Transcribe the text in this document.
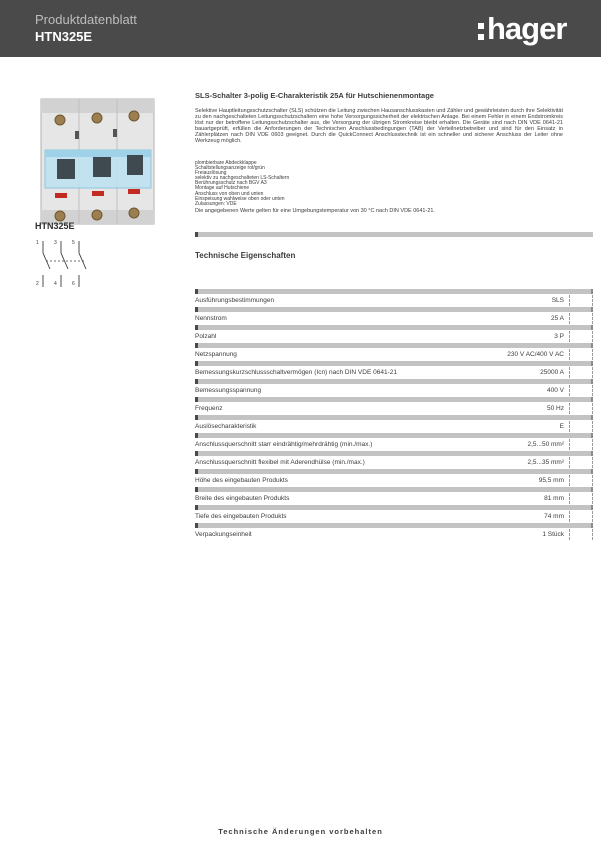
Produktdatenblatt
HTN325E	hager
HTN325E
1	3	5
2	4	6
SLS-Schalter 3-polig E-Charakteristik 25A für Hutschienenmontage
Selektive Hauptleitungsschutzschalter (SLS) schützen die Leitung zwischen Hausanschlusskasten und Zähler und gewährleisten durch ihre Selektivität zu den nachgeschalteten Leitungsschutzschaltern eine hohe Versorgungssicherheit der elektrischen Anlage. Bei einem Fehler in einem Endstromkreis löst nur der betroffene Leitungsschutzschalter aus, die Versorgung der übrigen Stromkreise bleibt erhalten. Die Geräte sind nach DIN VDE 0641-21 bauartgeprüft, erfüllen die Anforderungen der Technischen Anschlussbedingungen (TAB) der Verteilnetzbetreiber und sind für den Einsatz in Zählerplätzen nach DIN VDE 0603 geeignet. Durch die QuickConnect Anschlusstechnik ist ein schneller und sicherer Anschluss der Leiter ohne Werkzeug möglich.
plombierbare Abdeckklappe
Schaltstellungsanzeige rot/grün
Freiauslösung
selektiv zu nachgeschalteten LS-Schaltern
Berührungsschutz nach BGV A3
Montage auf Hutschiene
Anschluss von oben und unten
Einspeisung wahlweise oben oder unten
Zulassungen: VDE
Die angegebenen Werte gelten für eine Umgebungstemperatur von 30 °C nach DIN VDE 0641-21.
Technische Eigenschaften
Ausführungsbestimmungen	SLS
Nennstrom	25 A
Polzahl	3 P
Netzspannung	230 V AC/400 V AC
Bemessungskurzschlussschaltvermögen (Icn) nach DIN VDE 0641-21	25000 A
Bemessungsspannung	400 V
Frequenz	50 Hz
Auslösecharakteristik	E
Anschlussquerschnitt starr eindrähtig/mehrdrähtig (min./max.)	2,5...50 mm²
Anschlussquerschnitt flexibel mit Aderendhülse (min./max.)	2,5...35 mm²
Höhe des eingebauten Produkts	95,5 mm
Breite des eingebauten Produkts	81 mm
Tiefe des eingebauten Produkts	74 mm
Verpackungseinheit	1 Stück
Technische Änderungen vorbehalten
